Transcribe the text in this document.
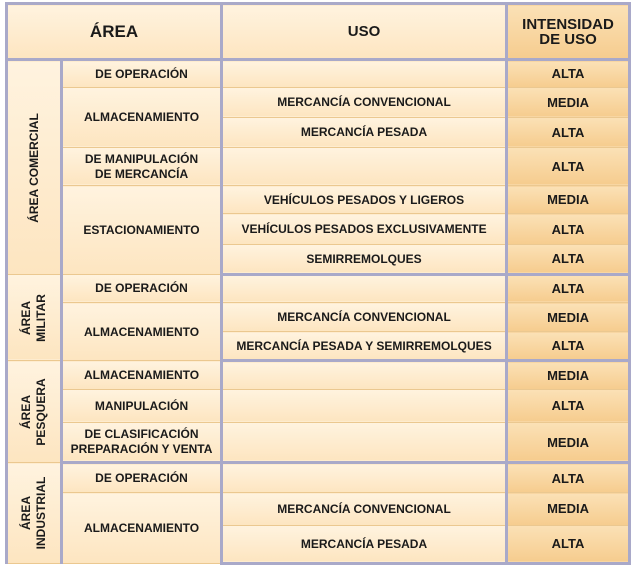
ÁREA		USO	INTENSIDAD
DE USO

ÁREA COMERCIAL	DE OPERACIÓN		ALTA
	ALMACENAMIENTO	MERCANCÍA CONVENCIONAL	MEDIA
		MERCANCÍA PESADA	ALTA

	DE MANIPULACIÓN
DE MERCANCÍA		ALTA
	ESTACIONAMIENTO	VEHÍCULOS PESADOS Y LIGEROS	MEDIA
		VEHÍCULOS PESADOS EXCLUSIVAMENTE	ALTA
		SEMIRREMOLQUES	ALTA

ÁREA MILITAR	DE OPERACIÓN		ALTA
	ALMACENAMIENTO	MERCANCÍA CONVENCIONAL	MEDIA
		MERCANCÍA PESADA Y SEMIRREMOLQUES	ALTA

ÁREA PESQUERA	ALMACENAMIENTO		MEDIA
	MANIPULACIÓN		ALTA

	DE CLASIFICACIÓN
PREPARACIÓN Y VENTA		MEDIA

ÁREA INDUSTRIAL	DE OPERACIÓN		ALTA
	ALMACENAMIENTO	MERCANCÍA CONVENCIONAL	MEDIA
		MERCANCÍA PESADA	ALTA
